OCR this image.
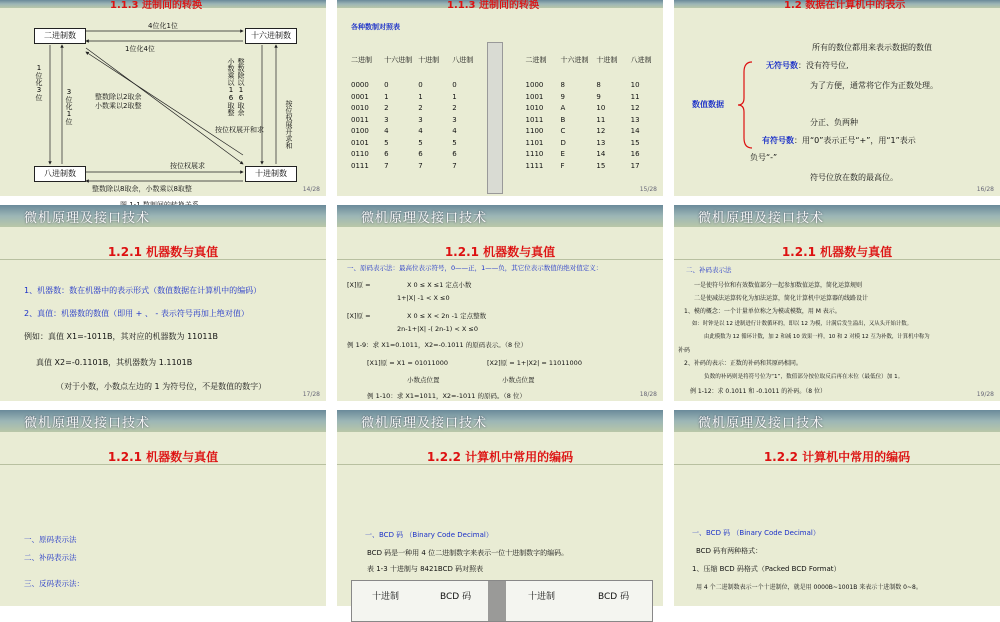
1.1.3 进制间的转换
二进制数	十六进制数
八进制数	十进制数
4位化1位
1位化4位
1位化3位
3位化1位	整数除以2取余
小数乘以2取整	整数除以16取余
小数乘以16取整
按位权展开求和
按位权展开和求
按位权展求
整数除以8取余，小数乘以8取整	14/28
1.1.3 进制间的转换
各种数制对照表
二进制	十六进制	十进制	八进制		二进制	十六进制	十进制	八进制

0000	0	0	0		1000	8	8	10
0001	1	1	1		1001	9	9	11
0010	2	2	2		1010	A	10	12
0011	3	3	3		1011	B	11	13
0100	4	4	4		1100	C	12	14
0101	5	5	5		1101	D	13	15
0110	6	6	6		1110	E	14	16
0111	7	7	7		1111	F	15	17
15/28
1.2 数据在计算机中的表示
所有的数位都用来表示数据的数值
无符号数：没有符号位,
为了方便，通常将它作为正数处理。
数值数据
分正、负两种
有符号数：用“0”表示正号“+”，用“1”表示
负号“-”
符号位放在数的最高位。
16/28
微机原理及接口技术
1.2.1 机器数与真值
1、机器数：数在机器中的表示形式（数值数据在计算机中的编码）
2、真值：机器数的数值（即用 + 、 - 表示符号再加上绝对值）
例如：真值 X1=-1011B，其对应的机器数为 11011B
真值 X2=-0.1101B，其机器数为 1.1101B
（对于小数，小数点左边的 1 为符号位，不是数值的数字）
17/28
微机原理及接口技术
1.2.1 机器数与真值
一、原码表示法：最高位表示符号，0——正，1——负，其它位表示数值的绝对值定义：
[X]原 =	X 0 ≤ X ≤1 定点小数
1+|X| -1 < X ≤0
[X]原 =	X 0 ≤ X < 2n -1 定点整数
2n-1+|X| -( 2n-1) < X ≤0
例 1-9：求 X1=0.1011，X2=-0.1011 的原码表示。（8 位）
[X1]原 = X1 = 01011000	[X2]原 = 1+|X2| = 11011000
小数点位置	小数点位置
例 1-10：求 X1=1011，X2=-1011 的原码。（8 位）	18/28
微机原理及接口技术
1.2.1 机器数与真值
二、补码表示法
一是使符号位和有效数值部分一起参加数值运算，简化运算规则
二是使减法运算转化为加法运算，简化计算机中运算器的线路设计
1、模的概念：一个计量单位称之为模或模数，用 M 表示。
如：时钟是以 12 进制进行计数循环的，即以 12 为模，计满后发生溢出，又从头开始计数。
由此模数为 12 循环计数，加 2 和减 10 效果一样，10 和 2 对模 12 互为补数，计算机中称为
补码
2、补码的表示：正数的补码和其原码相同。
负数的补码则是将符号位为“1”，数值部分按位取反后再在末位（最低位）加 1。
例 1-12：求 0.1011 和 -0.1011 的补码。（8 位）	19/28
微机原理及接口技术
1.2.1 机器数与真值
一、原码表示法
二、补码表示法
三、反码表示法：
微机原理及接口技术
1.2.2 计算机中常用的编码
一、BCD 码 （Binary Code Decimal）
BCD 码是一种用 4 位二进制数字来表示一位十进制数字的编码。
表 1-3 十进制与 8421BCD 码对照表
十进制	BCD 码	十进制	BCD 码
微机原理及接口技术
1.2.2 计算机中常用的编码
一、BCD 码 （Binary Code Decimal）
BCD 码有两种格式：
1、压缩 BCD 码格式（Packed BCD Format）
用 4 个二进制数表示一个十进制位，就是用 0000B~1001B 来表示十进制数 0~8。
